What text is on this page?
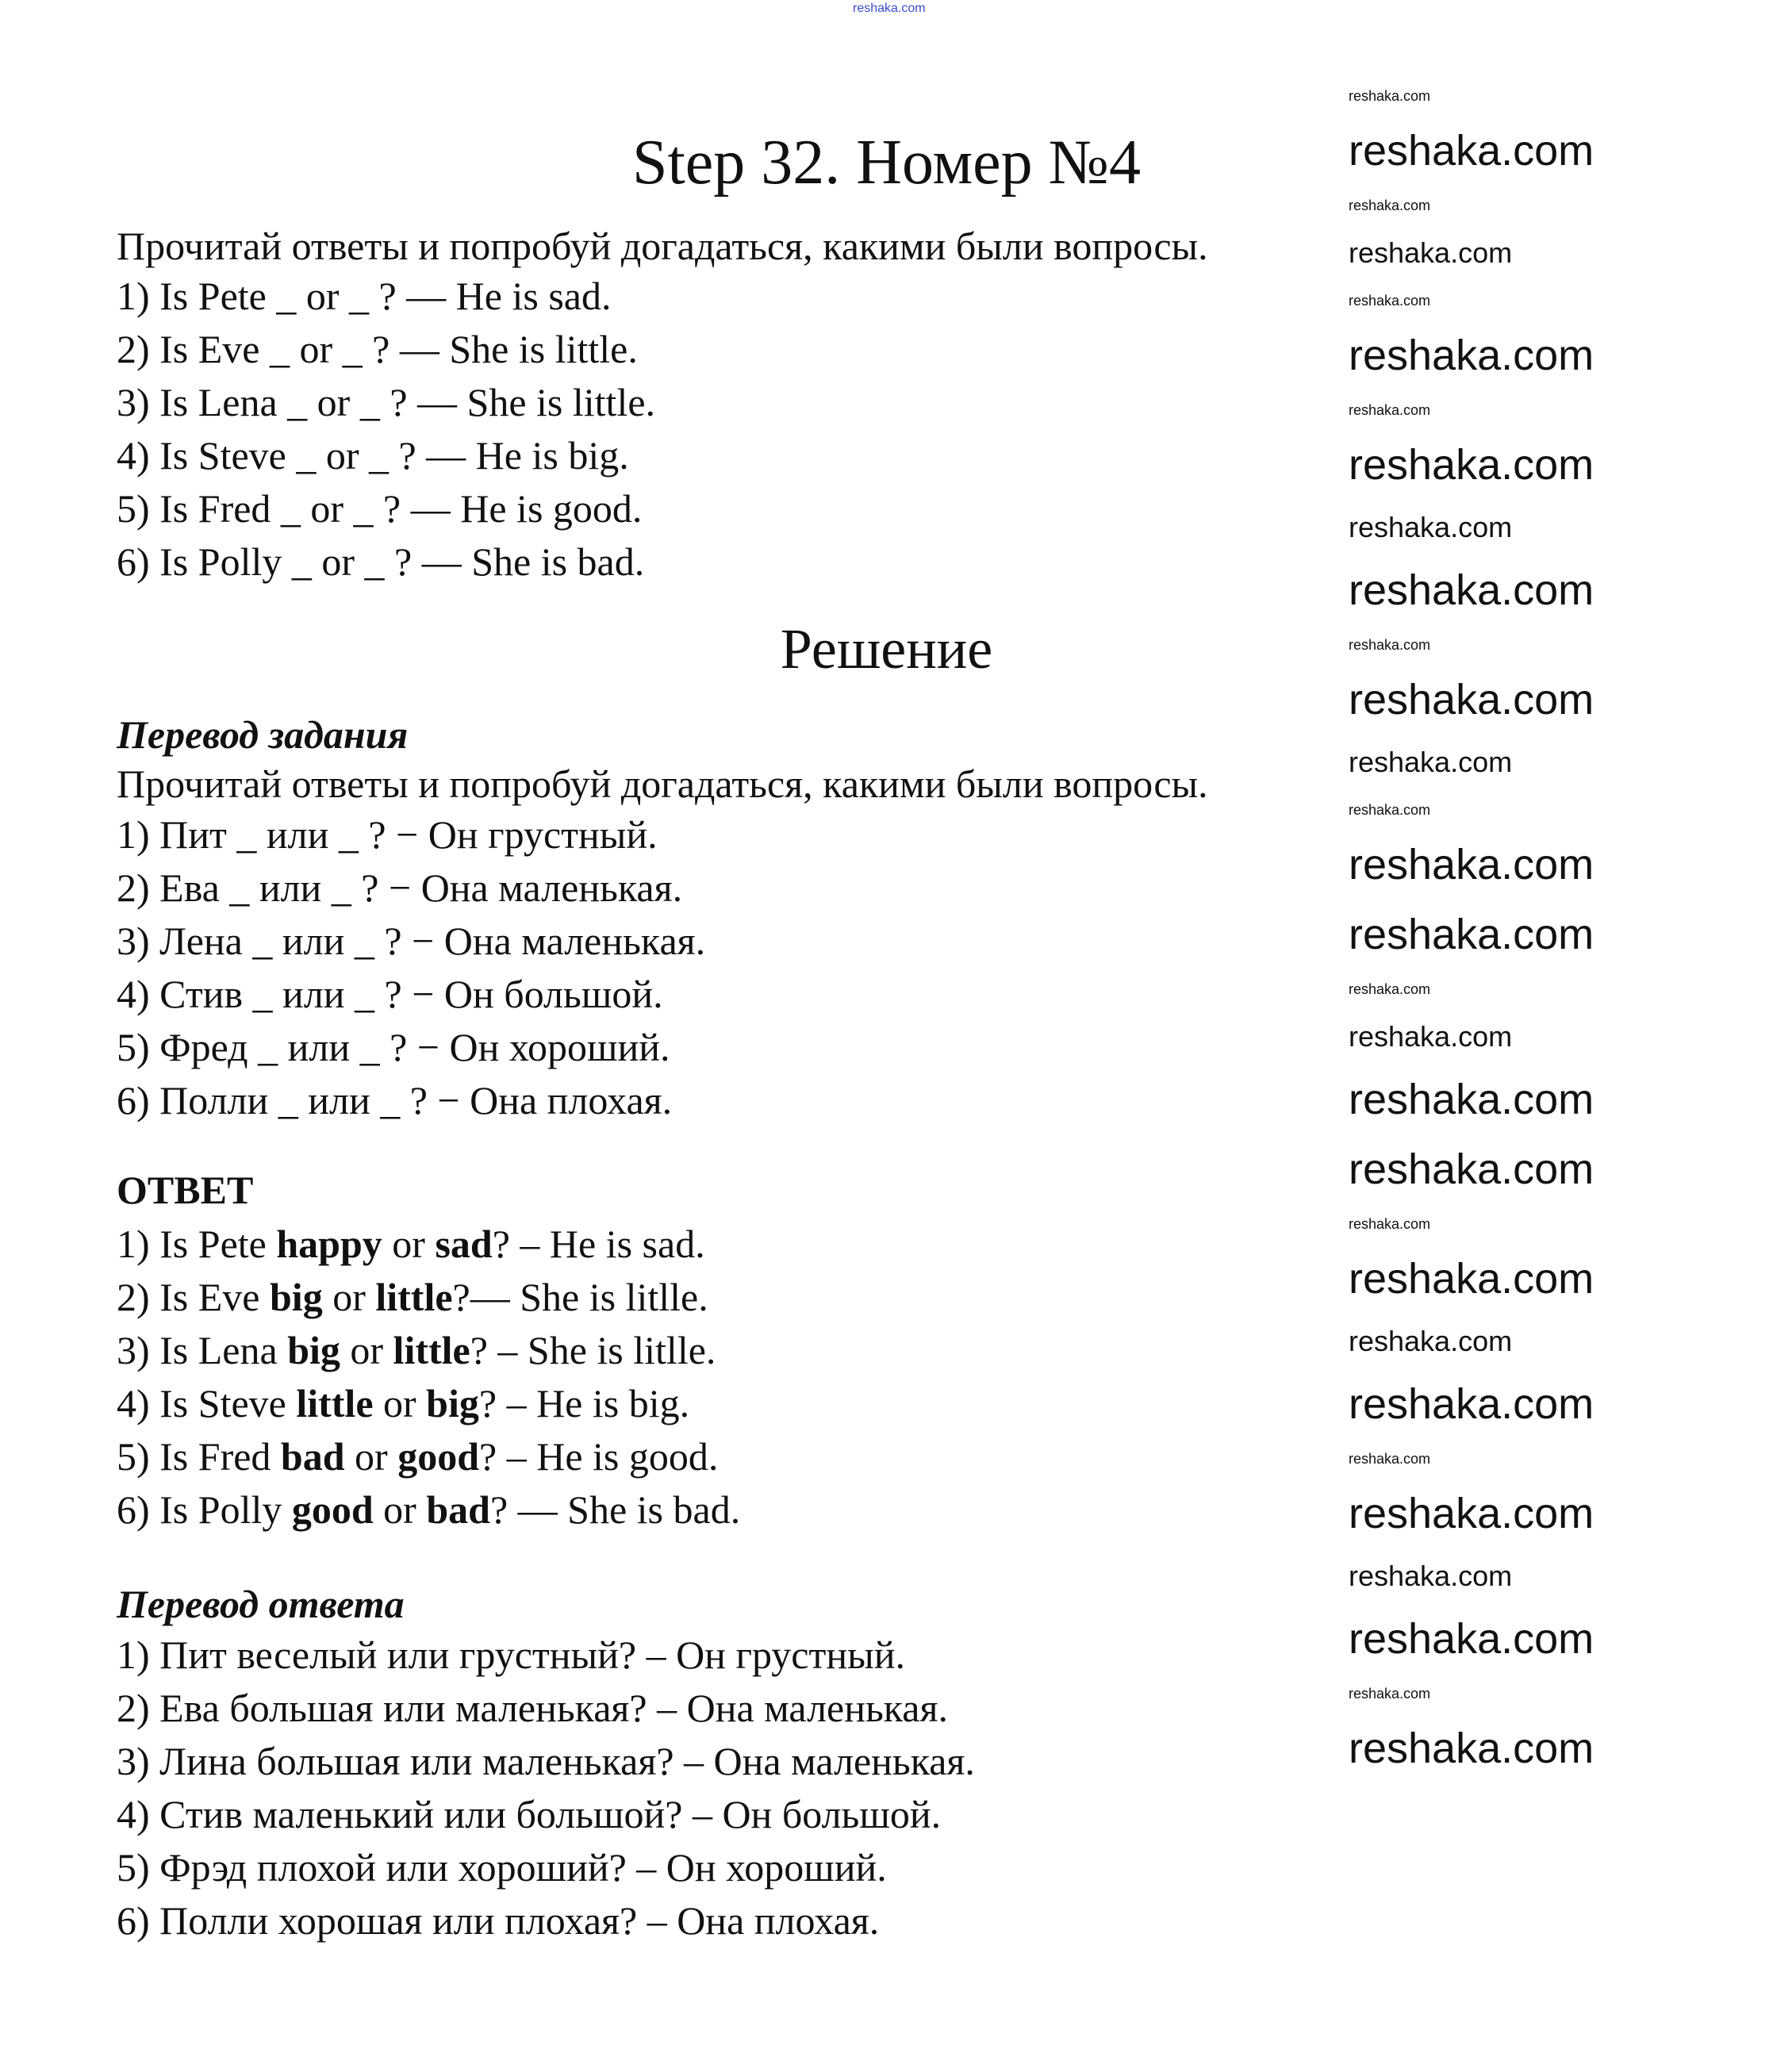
reshaka.com
Step 32. Номер №4
Прочитай ответы и попробуй догадаться, какими были вопросы.
1) Is Pete _ or _ ? — He is sad.
2) Is Eve _ or _ ? — She is little.
3) Is Lena _ or _ ? — She is little.
4) Is Steve _ or _ ? — He is big.
5) Is Fred _ or _ ? — He is good.
6) Is Polly _ or _ ? — She is bad.
Решение
Перевод задания
Прочитай ответы и попробуй догадаться, какими были вопросы.
1) Пит _ или _ ? − Он грустный.
2) Ева _ или _ ? − Она маленькая.
3) Лена _ или _ ? − Она маленькая.
4) Стив _ или _ ? − Он большой.
5) Фред _ или _ ? − Он хороший.
6) Полли _ или _ ? − Она плохая.
ОТВЕТ
1) Is Pete happy or sad? – He is sad.
2) Is Eve big or little?— She is litlle.
3) Is Lena big or little? – She is litlle.
4) Is Steve little or big? – He is big.
5) Is Fred bad or good? – He is good.
6) Is Polly good or bad? — She is bad.
Перевод ответа
1) Пит веселый или грустный? – Он грустный.
2) Ева большая или маленькая? – Она маленькая.
3) Лина большая или маленькая? – Она маленькая.
4) Стив маленький или большой? – Он большой.
5) Фрэд плохой или хороший? – Он хороший.
6) Полли хорошая или плохая? – Она плохая.
reshaka.com
reshaka.com
reshaka.com
reshaka.com
reshaka.com
reshaka.com
reshaka.com
reshaka.com
reshaka.com
reshaka.com
reshaka.com
reshaka.com
reshaka.com
reshaka.com
reshaka.com
reshaka.com
reshaka.com
reshaka.com
reshaka.com
reshaka.com
reshaka.com
reshaka.com
reshaka.com
reshaka.com
reshaka.com
reshaka.com
reshaka.com
reshaka.com
reshaka.com
reshaka.com
